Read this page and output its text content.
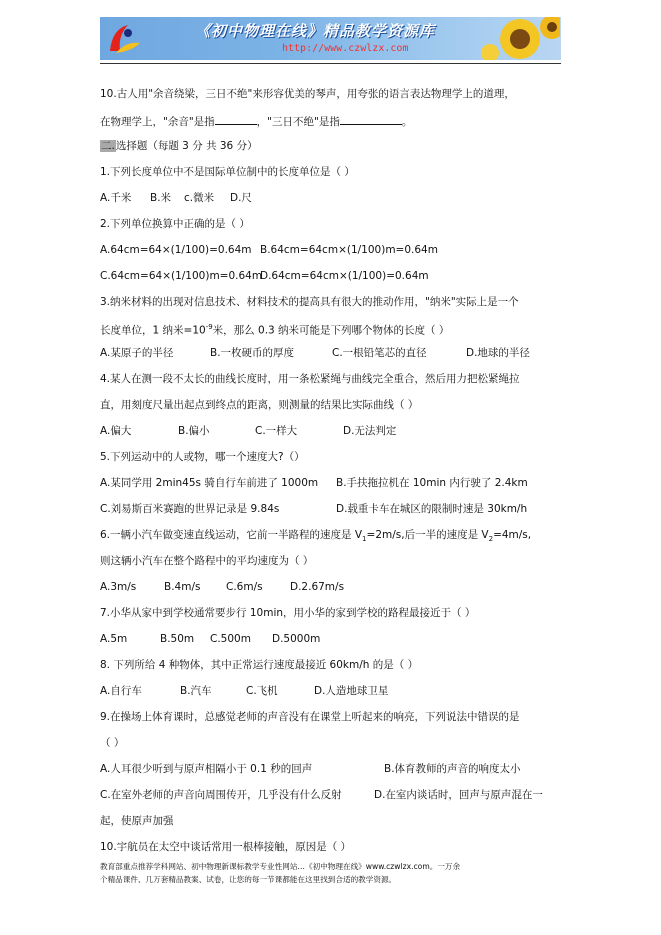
《初中物理在线》精品教学资源库
http://www.czwlzx.com
10.古人用"余音绕梁，三日不绝"来形容优美的琴声，用夸张的语言表达物理学上的道理，
在物理学上，"余音"是指	，"三日不绝"是指	。
二.选择题（每题 3 分 共 36 分）
1.下列长度单位中不是国际单位制中的长度单位是（ ）
A.千米 B.米 c.微米 D.尺
2.下列单位换算中正确的是（ ）
A.64cm=64×(1/100)=0.64m B.64cm=64cm×(1/100)m=0.64m
C.64cm=64×(1/100)m=0.64m
D.64cm=64cm×(1/100)=0.64m
3.纳米材料的出现对信息技术、材料技术的提高具有很大的推动作用，"纳米"实际上是一个
长度单位，1 纳米$=10^{-9}$米，那么 0.3 纳米可能是下列哪个物体的长度（ ）
A.某原子的半径	B.一枚硬币的厚度	C.一根铅笔芯的直径	D.地球的半径
4.某人在测一段不太长的曲线长度时，用一条松紧绳与曲线完全重合，然后用力把松紧绳拉
直，用刻度尺量出起点到终点的距离，则测量的结果比实际曲线（ ）
A.偏大	B.偏小	C.一样大	D.无法判定
5.下列运动中的人或物，哪一个速度大?（）
A.某同学用 2min45s 骑自行车前进了 1000m B.手扶拖拉机在 10min 内行驶了 2.4km
C.刘易斯百米赛跑的世界记录是 9.84s	D.载重卡车在城区的限制时速是 30km/h
6.一辆小汽车做变速直线运动，它前一半路程的速度是 $V_1=2m/s$,后一半的速度是 $V_2=4m/s$,
则这辆小汽车在整个路程中的平均速度为（ ）
A.3m/s	B.4m/s C.6m/s	D.2.67m/s
7.小华从家中到学校通常要步行 10min，用小华的家到学校的路程最接近于（ ）
A.5m	B.50m C.500m D.5000m
8. 下列所给 4 种物体，其中正常运行速度最接近 60km/h 的是（ ）
A.自行车	B.汽车	C.飞机	D.人造地球卫星
9.在操场上体育课时，总感觉老师的声音没有在课堂上听起来的响亮，下列说法中错误的是
（ ）
A.人耳很少听到与原声相隔小于 0.1 秒的回声	B.体育教师的声音的响度太小
C.在室外老师的声音向周围传开，几乎没有什么反射	D.在室内谈话时，回声与原声混在一
起，使原声加强
10.宇航员在太空中谈话常用一根棒接触，原因是（ ）
教育部重点推荐学科网站、初中物理新课标教学专业性网站…《初中物理在线》www.czwlzx.com。一万余
个精品课件、几万套精品教案、试卷，让您的每一节课都能在这里找到合适的教学资源。
